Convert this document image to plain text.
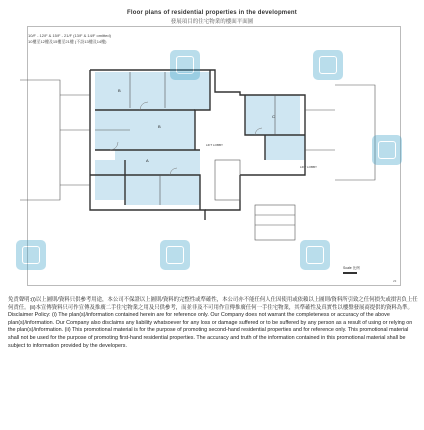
Floor plans of residential properties in the development
發展項目的住宅物業的樓面平面圖
10/F - 12/F & 15/F - 21/F (13/F & 14/F omitted)
10樓至12樓及15樓至21樓 (不設13樓及14樓)
B
B
A
C
LIFT LOBBY
LIFT LOBBY
Scale 比例
23

免責聲明:(i)以上圖則/資料只供參考用途，本公司不保證以上圖則/資料的完整性或準確性，本公司亦不能任何人仕因使用或依賴以上圖則/資料所引致之任何損失或損害負上任何責任。(ii)本宣傳資料只可作宣傳及推廣二手住宅物業之用及只供參考，而並非及不可用作宣傳推廣任何一手住宅物業，其準確性及真實性以樓盤發展商提供的資料為準。

Disclaimer Policy: (i) The plan(s)/information contained herein are for reference only. Our Company does not warrant the completeness or accuracy of the above plan(s)/information. Our Company also disclaims any liability whatsoever for any loss or damage suffered or to be suffered by any person as a result of using or relying on the plan(s)/information. (ii) This promotional material is for the purpose of promoting second-hand residential properties and for reference only. This promotional material shall not be used for the purpose of promoting first-hand residential properties. The accuracy and truth of the information contained in this promotional material shall be subject to information provided by the developers.
